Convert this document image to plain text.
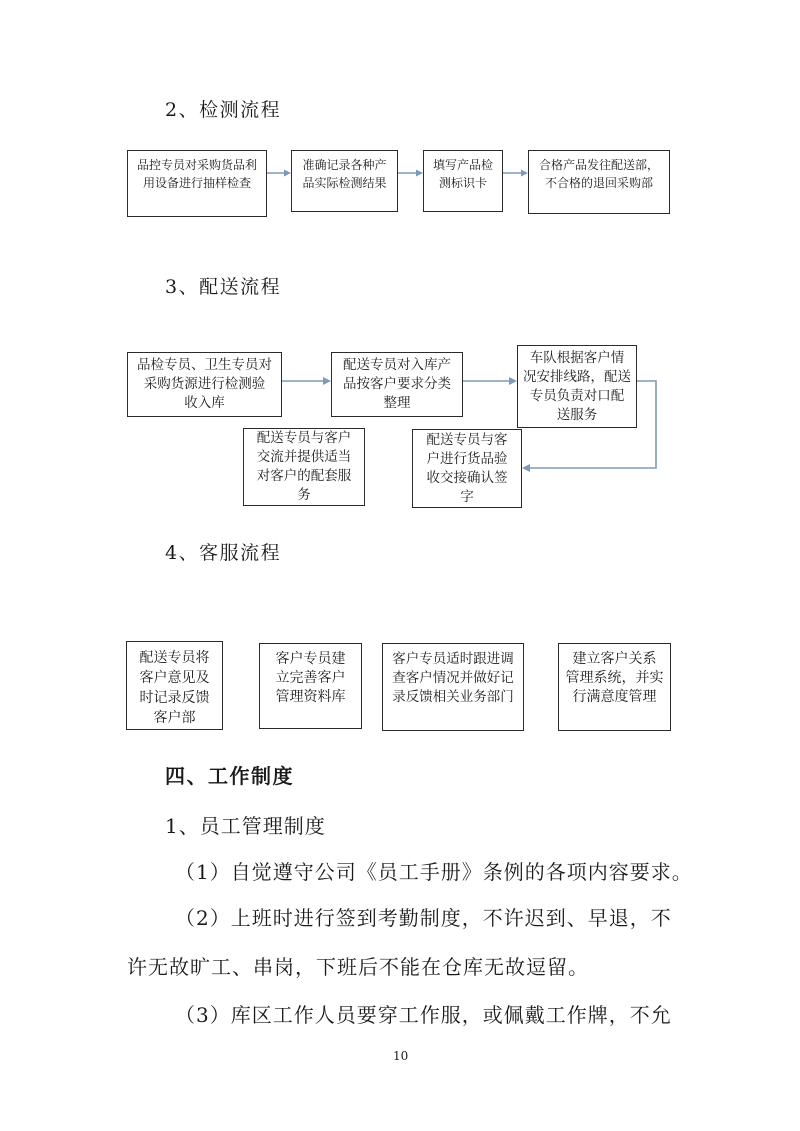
2、检测流程
品控专员对采购货品利
用设备进行抽样检查
准确记录各种产
品实际检测结果
填写产品检
测标识卡
合格产品发往配送部，
不合格的退回采购部
3、配送流程
品检专员、卫生专员对
采购货源进行检测验
收入库
配送专员对入库产
品按客户要求分类
整理
车队根据客户情
况安排线路，配送
专员负责对口配
送服务
配送专员与客
户进行货品验
收交接确认签
字
配送专员与客户
交流并提供适当
对客户的配套服
务
4、客服流程
配送专员将
客户意见及
时记录反馈
客户部
客户专员建
立完善客户
管理资料库
客户专员适时跟进调
查客户情况并做好记
录反馈相关业务部门
建立客户关系
管理系统，并实
行满意度管理
四、工作制度
1、员工管理制度
（1）自觉遵守公司《员工手册》条例的各项内容要求。
（2）上班时进行签到考勤制度，不许迟到、早退，不
许无故旷工、串岗，下班后不能在仓库无故逗留。
（3）库区工作人员要穿工作服，或佩戴工作牌，不允
10
